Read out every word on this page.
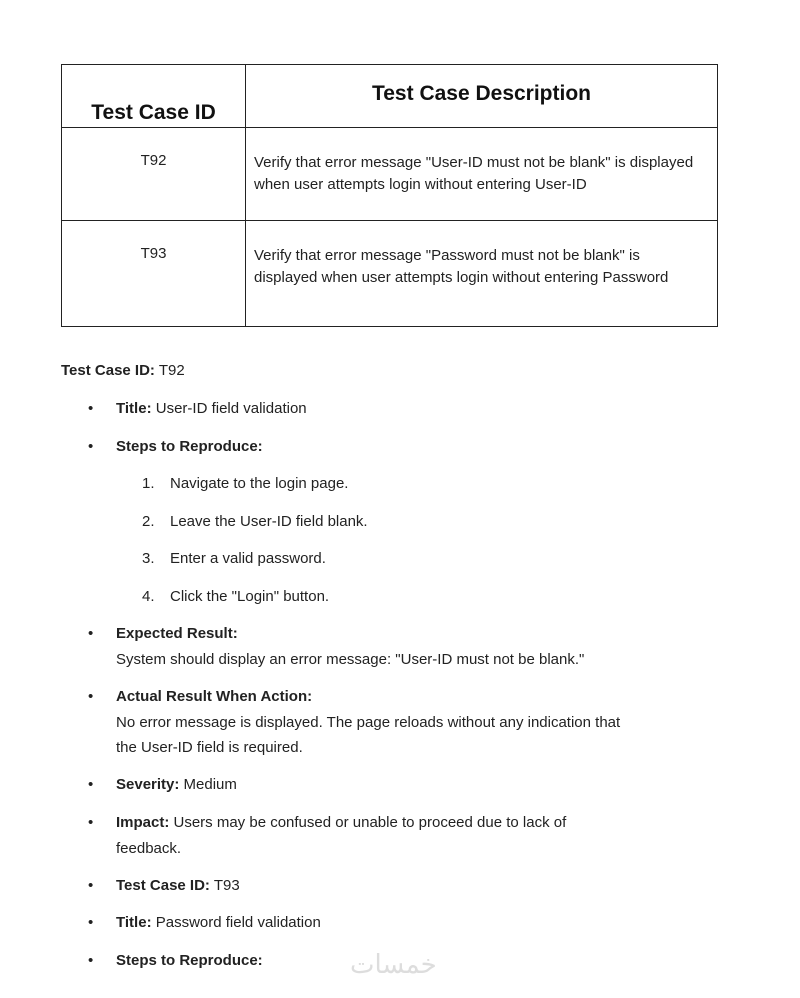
Test Case ID	Test Case Description
T92	Verify that error message "User-ID must not be blank" is displayed when user attempts login without entering User-ID
T93	Verify that error message "Password must not be blank" is displayed when user attempts login without entering Password
Test Case ID: T92
• Title: User-ID field validation
• Steps to Reproduce:
1. Navigate to the login page.
2. Leave the User-ID field blank.
3. Enter a valid password.
4. Click the "Login" button.
• Expected Result:
System should display an error message: "User-ID must not be blank."
• Actual Result When Action:
No error message is displayed. The page reloads without any indication that
the User-ID field is required.
• Severity: Medium
• Impact: Users may be confused or unable to proceed due to lack of
feedback.
• Test Case ID: T93
• Title: Password field validation
• Steps to Reproduce:	خمسات
